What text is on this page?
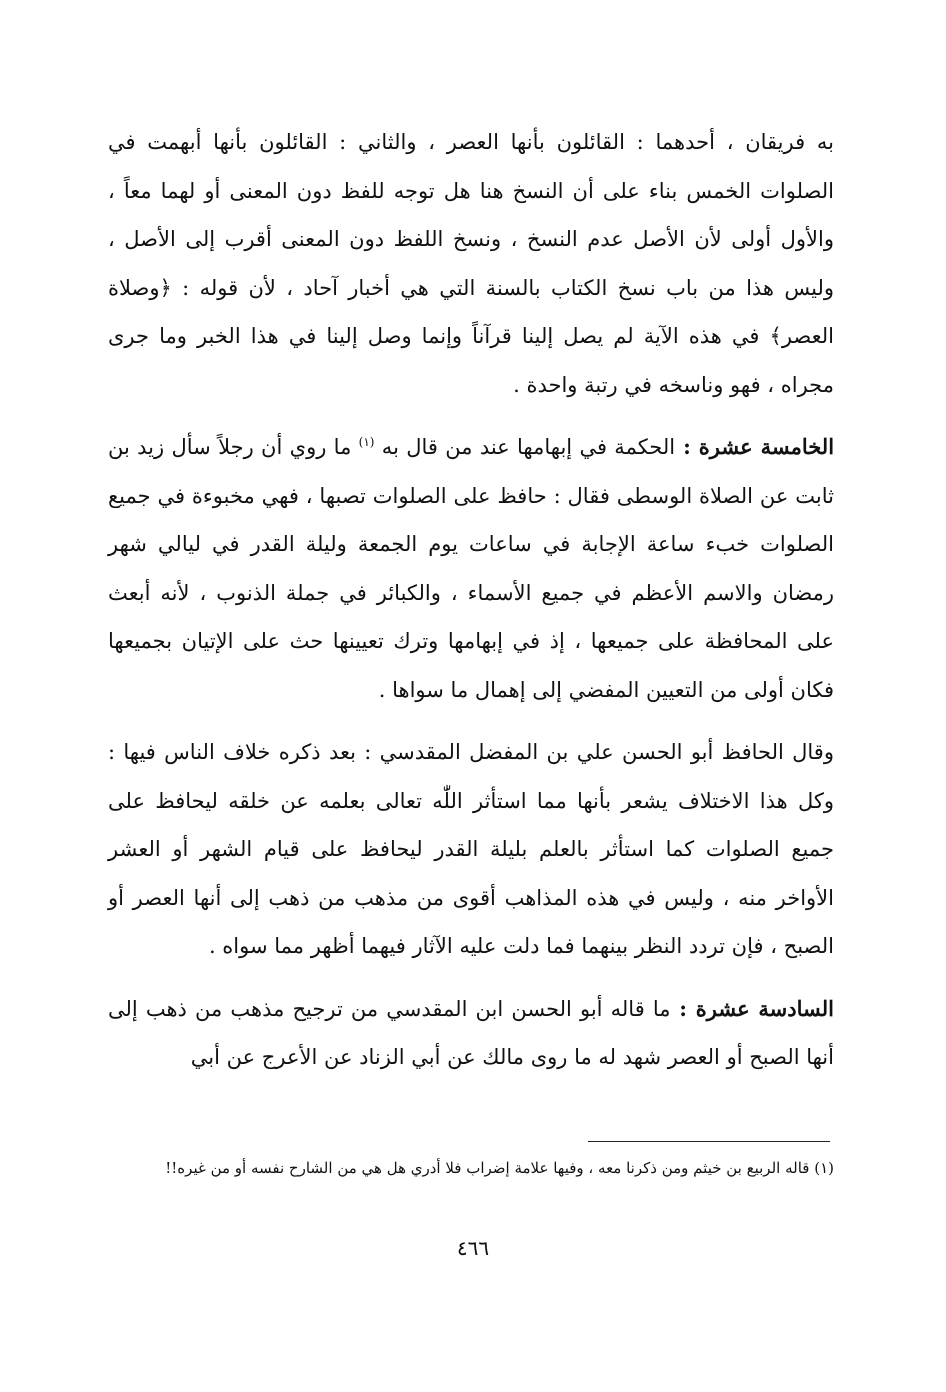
به فريقان ، أحدهما : القائلون بأنها العصر ، والثاني : القائلون بأنها أبهمت في الصلوات الخمس بناء على أن النسخ هنا هل توجه للفظ دون المعنى أو لهما معاً ، والأول أولى لأن الأصل عدم النسخ ، ونسخ اللفظ دون المعنى أقرب إلى الأصل ، وليس هذا من باب نسخ الكتاب بالسنة التي هي أخبار آحاد ، لأن قوله : ﴿وصلاة العصر﴾ في هذه الآية لم يصل إلينا قرآناً وإنما وصل إلينا في هذا الخبر وما جرى مجراه ، فهو وناسخه في رتبة واحدة .

الخامسة عشرة : الحكمة في إبهامها عند من قال به $^{(١)}$ ما روي أن رجلاً سأل زيد بن ثابت عن الصلاة الوسطى فقال : حافظ على الصلوات تصبها ، فهي مخبوءة في جميع الصلوات خبء ساعة الإجابة في ساعات يوم الجمعة وليلة القدر في ليالي شهر رمضان والاسم الأعظم في جميع الأسماء ، والكبائر في جملة الذنوب ، لأنه أبعث على المحافظة على جميعها ، إذ في إبهامها وترك تعيينها حث على الإتيان بجميعها فكان أولى من التعيين المفضي إلى إهمال ما سواها .

وقال الحافظ أبو الحسن علي بن المفضل المقدسي : بعد ذكره خلاف الناس فيها : وكل هذا الاختلاف يشعر بأنها مما استأثر اللّٰه تعالى بعلمه عن خلقه ليحافظ على جميع الصلوات كما استأثر بالعلم بليلة القدر ليحافظ على قيام الشهر أو العشر الأواخر منه ، وليس في هذه المذاهب أقوى من مذهب من ذهب إلى أنها العصر أو الصبح ، فإن تردد النظر بينهما فما دلت عليه الآثار فيهما أظهر مما سواه .

السادسة عشرة : ما قاله أبو الحسن ابن المقدسي من ترجيح مذهب من ذهب إلى أنها الصبح أو العصر شهد له ما روى مالك عن أبي الزناد عن الأعرج عن أبي

(١) قاله الربيع بن خيثم ومن ذكرنا معه ، وفيها علامة إضراب فلا أدري هل هي من الشارح نفسه أو من غيره!!
٤٦٦
